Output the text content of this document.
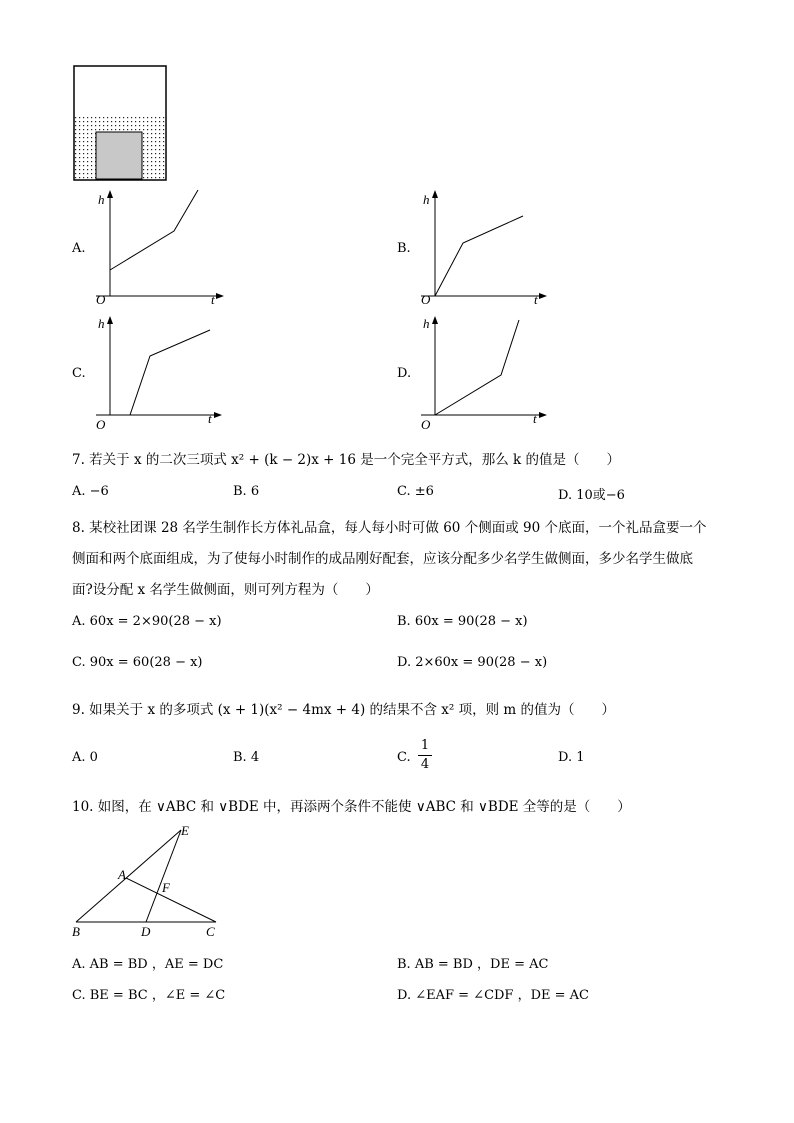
A.
h
O	t
B.
h
O	t
C.
h
O	t
D.
h
O	t
7. 若关于 x 的二次三项式 x² + (k − 2)x + 16 是一个完全平方式，那么 k 的值是（　　）
A. −6	B. 6	C. ±6	D. 10或−6
8. 某校社团课 28 名学生制作长方体礼品盒，每人每小时可做 60 个侧面或 90 个底面，一个礼品盒要一个
侧面和两个底面组成，为了使每小时制作的成品刚好配套，应该分配多少名学生做侧面，多少名学生做底
面?设分配 x 名学生做侧面，则可列方程为（　　）
A. 60x = 2×90(28 − x)	B. 60x = 90(28 − x)
C. 90x = 60(28 − x)	D. 2×60x = 90(28 − x)
9. 如果关于 x 的多项式 (x + 1)(x² − 4mx + 4) 的结果不含 x² 项，则 m 的值为（　　）
A. 0	B. 4	C. $\frac{1}{4}$	D. 1
10. 如图，在 ∨ABC 和 ∨BDE 中，再添两个条件不能使 ∨ABC 和 ∨BDE 全等的是（　　）
E
A
F
B	D	C
A. AB = BD ，AE = DC	B. AB = BD ，DE = AC
C. BE = BC ，∠E = ∠C	D. ∠EAF = ∠CDF ，DE = AC
